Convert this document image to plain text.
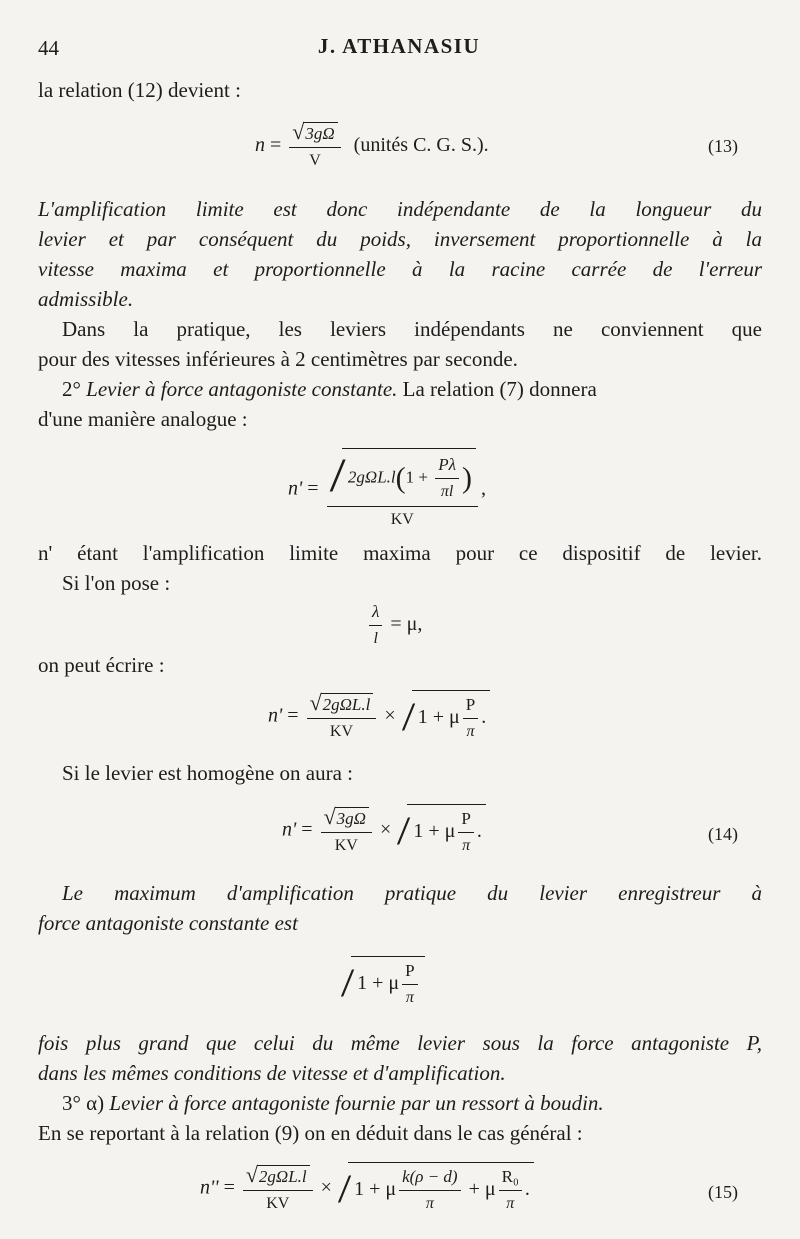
44	J. ATHANASIU
la relation (12) devient :
$n = \frac{√3g\Omega}{V}$ (unités C. G. S.).	(13)
L'amplification limite est donc indépendante de la longueur du
levier et par conséquent du poids, inversement proportionnelle à la
vitesse maxima et proportionnelle à la racine carrée de l'erreur
admissible.
Dans la pratique, les leviers indépendants ne conviennent que
pour des vitesses inférieures à 2 centimètres par seconde.
2° Levier à force antagoniste constante. La relation (7) donnera
d'une manière analogue :
n' = / $2g\Omega L.l(1 + \frac{P\lambda}{\pi l}$ )
KV
,
n' étant l'amplification limite maxima pour ce dispositif de levier.
Si l'on pose :
$\frac{\lambda}{l} = \mu$,
on peut écrire :
$n' = \frac{\text{√2gΩL.l}}{KV}$ × / 1 + μ $\frac{P}{\pi}$ .
Si le levier est homogène on aura :
$n' = \frac{√3g\Omega}{KV}$ × / 1 + μ $\frac{P}{\pi}$ .	(14)
Le maximum d'amplification pratique du levier enregistreur à
force antagoniste constante est
/ 1 + μ $\frac{P}{\pi}$
fois plus grand que celui du même levier sous la force antagoniste P,
dans les mêmes conditions de vitesse et d'amplification.
3° α) Levier à force antagoniste fournie par un ressort à boudin.
En se reportant à la relation (9) on en déduit dans le cas général :
$n'' = \frac{\text{√2gΩL.l}}{KV}$ × / 1 + μ $\frac{k(\rho - d)}{\pi} + \mu \frac{\text{R₀}}{\pi}$ .	(15)
